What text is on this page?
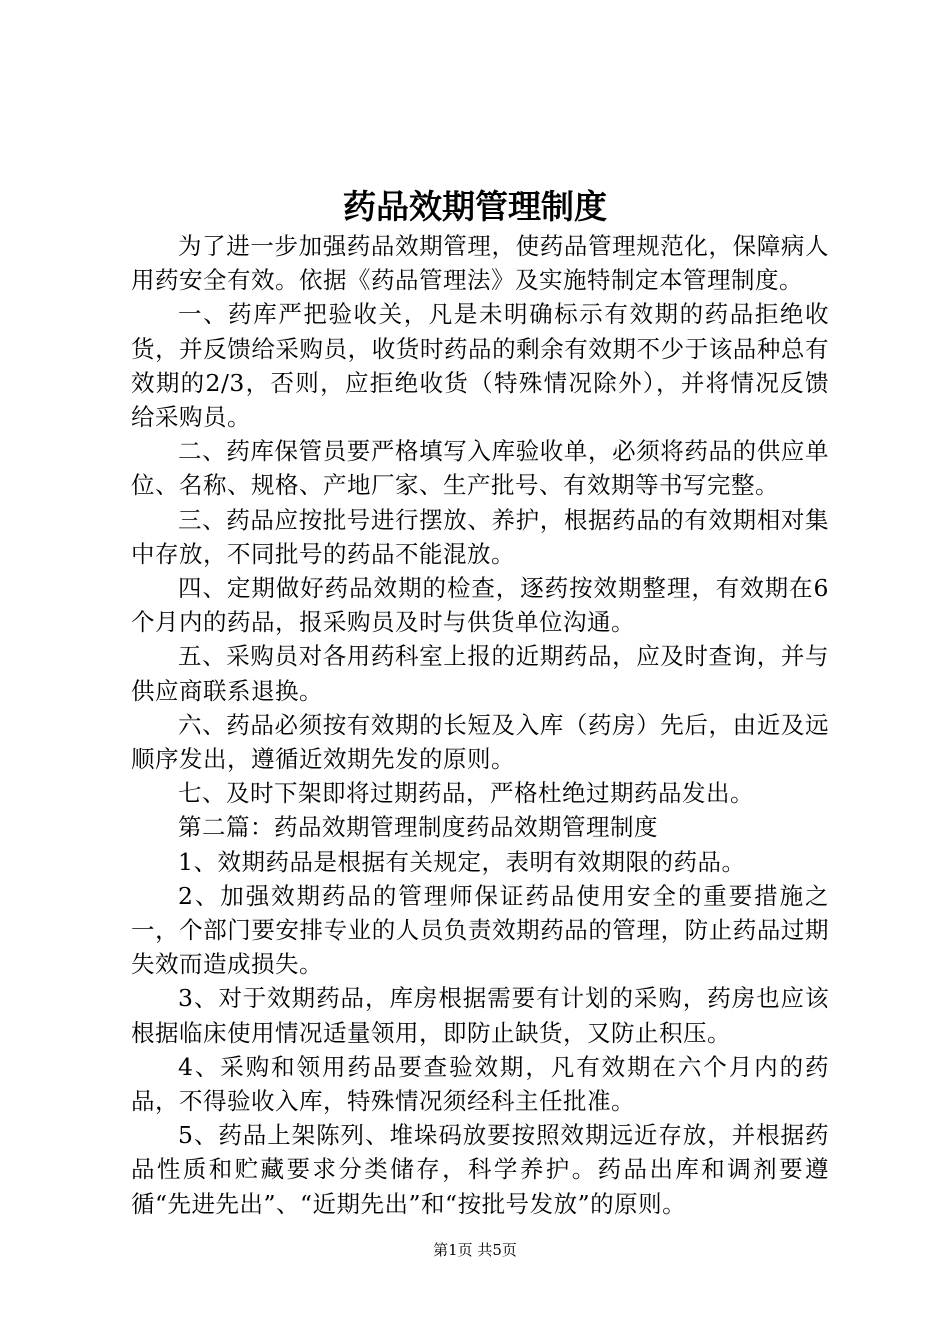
药品效期管理制度

为了进一步加强药品效期管理，使药品管理规范化，保障病人用药安全有效。依据《药品管理法》及实施特制定本管理制度。

一、药库严把验收关，凡是未明确标示有效期的药品拒绝收货，并反馈给采购员，收货时药品的剩余有效期不少于该品种总有效期的2/3，否则，应拒绝收货（特殊情况除外），并将情况反馈给采购员。

二、药库保管员要严格填写入库验收单，必须将药品的供应单位、名称、规格、产地厂家、生产批号、有效期等书写完整。

三、药品应按批号进行摆放、养护，根据药品的有效期相对集中存放，不同批号的药品不能混放。

四、定期做好药品效期的检查，逐药按效期整理，有效期在6个月内的药品，报采购员及时与供货单位沟通。

五、采购员对各用药科室上报的近期药品，应及时查询，并与供应商联系退换。

六、药品必须按有效期的长短及入库（药房）先后，由近及远顺序发出，遵循近效期先发的原则。

七、及时下架即将过期药品，严格杜绝过期药品发出。

第二篇：药品效期管理制度药品效期管理制度

1、效期药品是根据有关规定，表明有效期限的药品。

2、加强效期药品的管理师保证药品使用安全的重要措施之一，个部门要安排专业的人员负责效期药品的管理，防止药品过期失效而造成损失。

3、对于效期药品，库房根据需要有计划的采购，药房也应该根据临床使用情况适量领用，即防止缺货，又防止积压。

4、采购和领用药品要查验效期，凡有效期在六个月内的药品，不得验收入库，特殊情况须经科主任批准。

5、药品上架陈列、堆垛码放要按照效期远近存放，并根据药品性质和贮藏要求分类储存，科学养护。药品出库和调剂要遵循“先进先出”、“近期先出”和“按批号发放”的原则。

第1页 共5页
